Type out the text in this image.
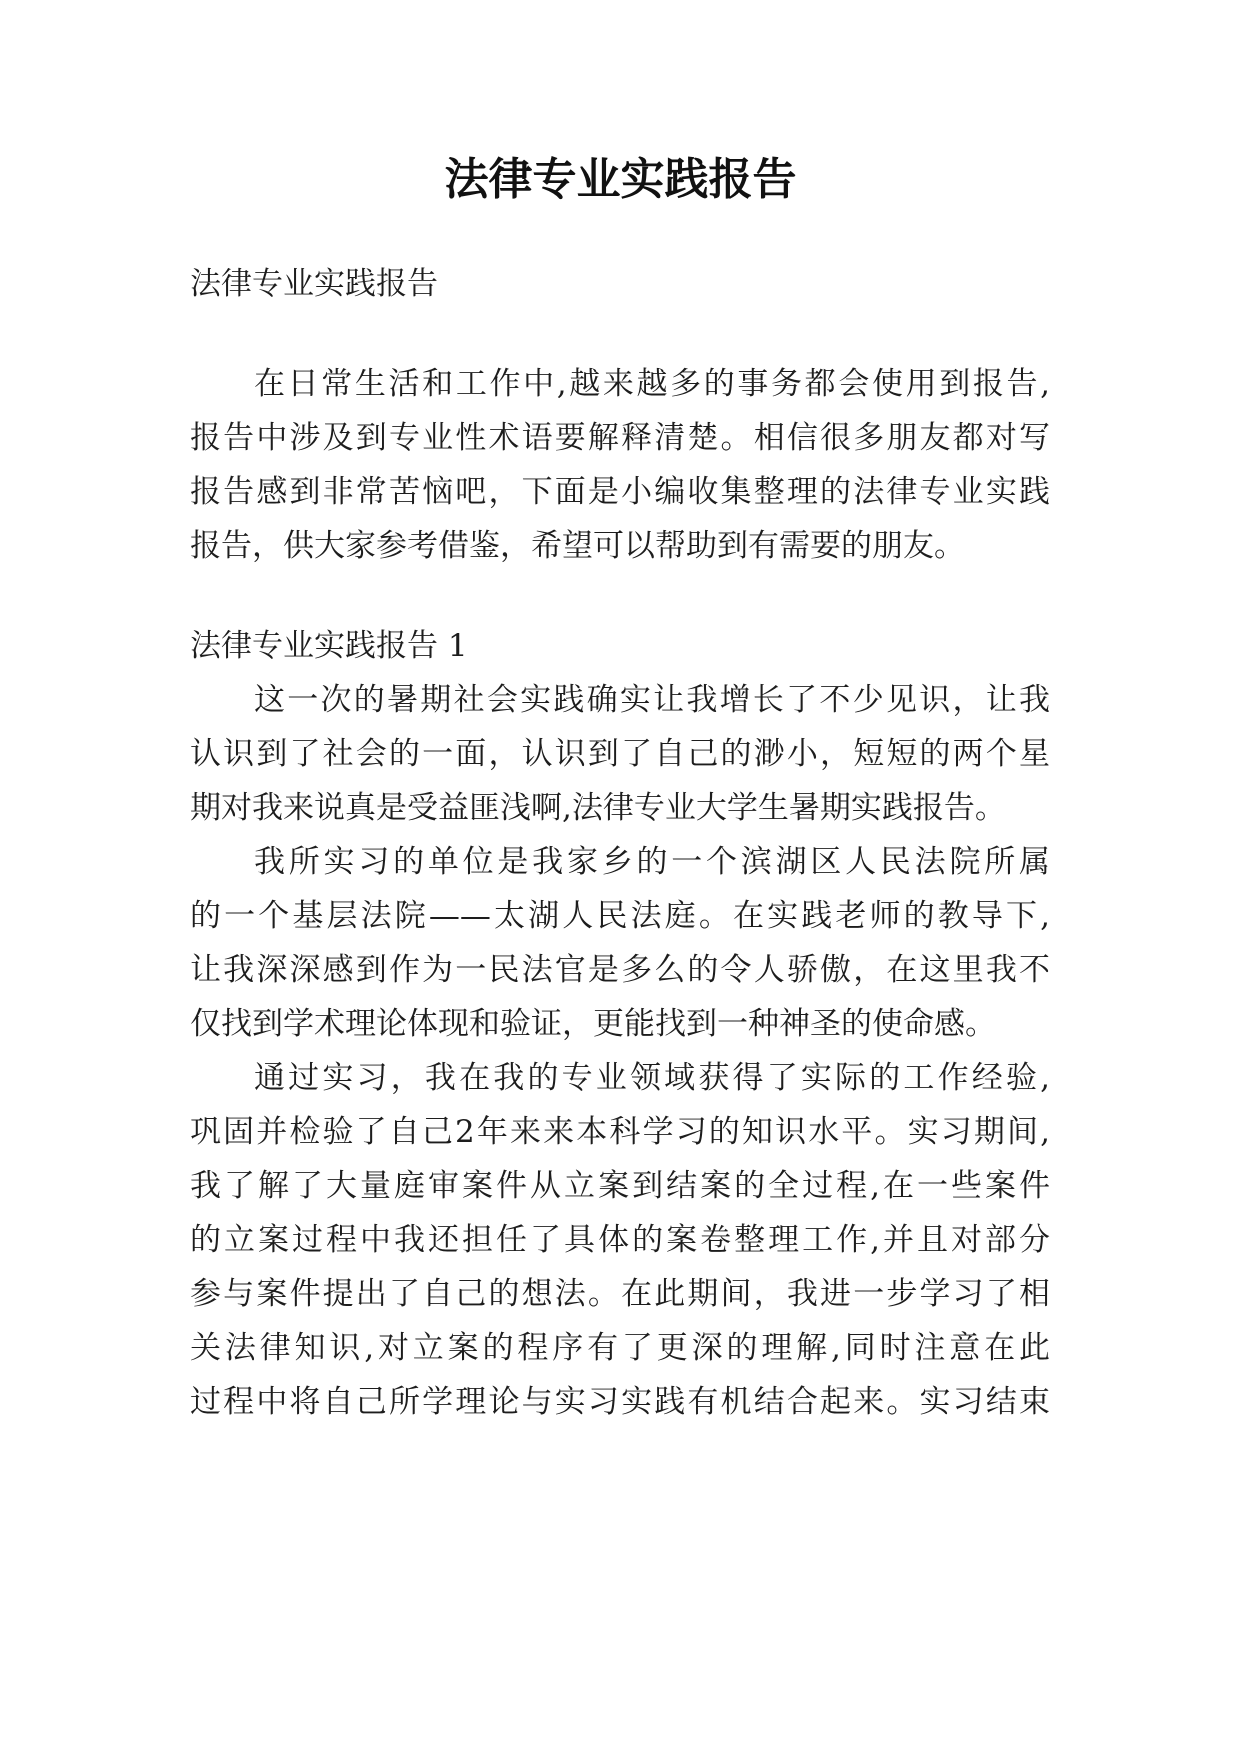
法律专业实践报告
法律专业实践报告
在日常生活和工作中,越来越多的事务都会使用到报告,
报告中涉及到专业性术语要解释清楚。相信很多朋友都对写
报告感到非常苦恼吧，下面是小编收集整理的法律专业实践
报告，供大家参考借鉴，希望可以帮助到有需要的朋友。
法律专业实践报告 1
这一次的暑期社会实践确实让我增长了不少见识，让我
认识到了社会的一面，认识到了自己的渺小，短短的两个星
期对我来说真是受益匪浅啊,法律专业大学生暑期实践报告。
我所实习的单位是我家乡的一个滨湖区人民法院所属
的一个基层法院——太湖人民法庭。在实践老师的教导下,
让我深深感到作为一民法官是多么的令人骄傲，在这里我不
仅找到学术理论体现和验证，更能找到一种神圣的使命感。
通过实习，我在我的专业领域获得了实际的工作经验,
巩固并检验了自己2年来来本科学习的知识水平。实习期间,
我了解了大量庭审案件从立案到结案的全过程,在一些案件
的立案过程中我还担任了具体的案卷整理工作,并且对部分
参与案件提出了自己的想法。在此期间，我进一步学习了相
关法律知识,对立案的程序有了更深的理解,同时注意在此
过程中将自己所学理论与实习实践有机结合起来。实习结束
